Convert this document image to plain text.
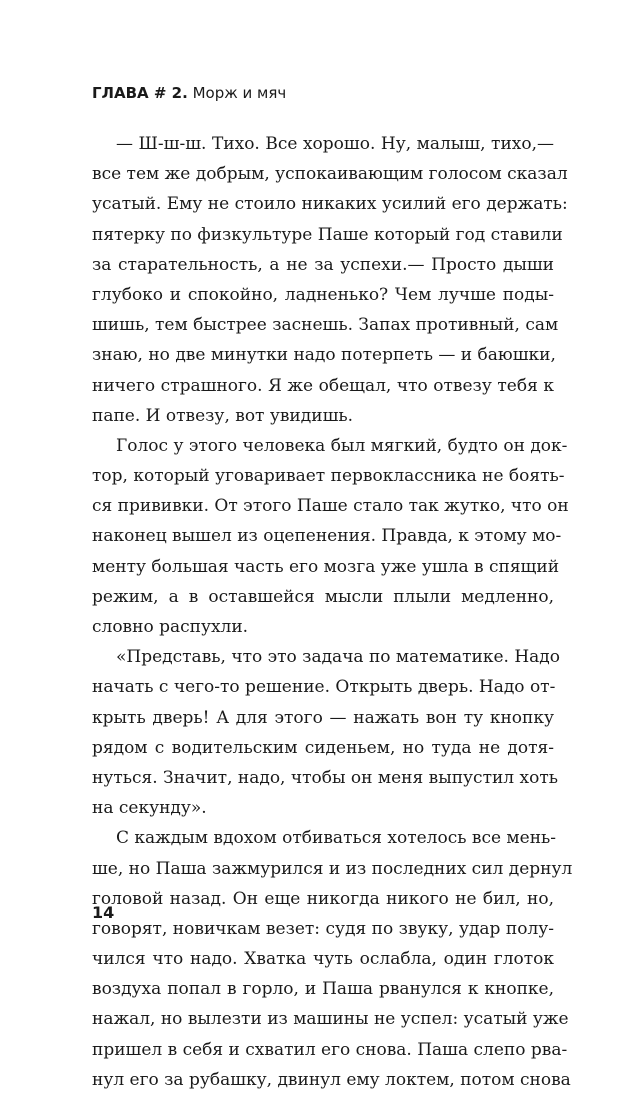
ГЛАВА # 2. Морж и мяч
— Ш-ш-ш. Тихо. Все хорошо. Ну, малыш, тихо,—
все тем же добрым, успокаивающим голосом сказал
усатый. Ему не стоило никаких усилий его держать:
пятерку по физкультуре Паше который год ставили
за старательность, а не за успехи.— Просто дыши
глубоко и спокойно, ладненько? Чем лучше поды-
шишь, тем быстрее заснешь. Запах противный, сам
знаю, но две минутки надо потерпеть — и баюшки,
ничего страшного. Я же обещал, что отвезу тебя к
папе. И отвезу, вот увидишь.
Голос у этого человека был мягкий, будто он док-
тор, который уговаривает первоклассника не боять-
ся прививки. От этого Паше стало так жутко, что он
наконец вышел из оцепенения. Правда, к этому мо-
менту большая часть его мозга уже ушла в спящий
режим, а в оставшейся мысли плыли медленно,
словно распухли.
«Представь, что это задача по математике. Надо
начать с чего-то решение. Открыть дверь. Надо от-
крыть дверь! А для этого — нажать вон ту кнопку
рядом с водительским сиденьем, но туда не дотя-
нуться. Значит, надо, чтобы он меня выпустил хоть
на секунду».
С каждым вдохом отбиваться хотелось все мень-
ше, но Паша зажмурился и из последних сил дернул
головой назад. Он еще никогда никого не бил, но,
говорят, новичкам везет: судя по звуку, удар полу-
чился что надо. Хватка чуть ослабла, один глоток
воздуха попал в горло, и Паша рванулся к кнопке,
нажал, но вылезти из машины не успел: усатый уже
пришел в себя и схватил его снова. Паша слепо рва-
нул его за рубашку, двинул ему локтем, потом снова
14
